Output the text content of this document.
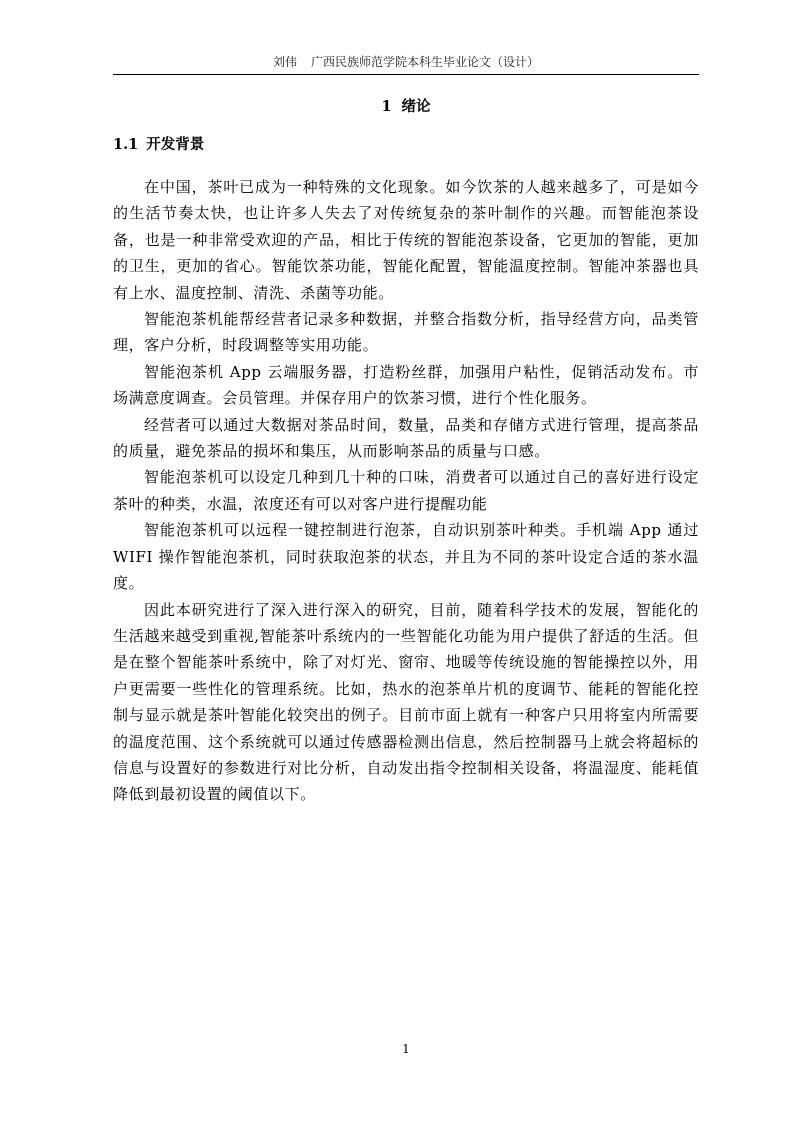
刘伟 广西民族师范学院本科生毕业论文（设计）
1 绪论
1.1 开发背景

在中国，茶叶已成为一种特殊的文化现象。如今饮茶的人越来越多了，可是如今的生活节奏太快，也让许多人失去了对传统复杂的茶叶制作的兴趣。而智能泡茶设备，也是一种非常受欢迎的产品，相比于传统的智能泡茶设备，它更加的智能，更加的卫生，更加的省心。智能饮茶功能，智能化配置，智能温度控制。智能冲茶器也具有上水、温度控制、清洗、杀菌等功能。

智能泡茶机能帮经营者记录多种数据，并整合指数分析，指导经营方向，品类管理，客户分析，时段调整等实用功能。

智能泡茶机 App 云端服务器，打造粉丝群，加强用户粘性，促销活动发布。市场满意度调查。会员管理。并保存用户的饮茶习惯，进行个性化服务。

经营者可以通过大数据对茶品时间，数量，品类和存储方式进行管理，提高茶品的质量，避免茶品的损坏和集压，从而影响茶品的质量与口感。

智能泡茶机可以设定几种到几十种的口味，消费者可以通过自己的喜好进行设定茶叶的种类，水温，浓度还有可以对客户进行提醒功能

智能泡茶机可以远程一键控制进行泡茶，自动识别茶叶种类。手机端 App 通过 WIFI 操作智能泡茶机，同时获取泡茶的状态，并且为不同的茶叶设定合适的茶水温度。

因此本研究进行了深入进行深入的研究，目前，随着科学技术的发展，智能化的生活越来越受到重视,智能茶叶系统内的一些智能化功能为用户提供了舒适的生活。但是在整个智能茶叶系统中，除了对灯光、窗帘、地暖等传统设施的智能操控以外，用户更需要一些性化的管理系统。比如，热水的泡茶单片机的度调节、能耗的智能化控制与显示就是茶叶智能化较突出的例子。目前市面上就有一种客户只用将室内所需要的温度范围、这个系统就可以通过传感器检测出信息，然后控制器马上就会将超标的信息与设置好的参数进行对比分析，自动发出指令控制相关设备，将温湿度、能耗值降低到最初设置的阈值以下。

1
